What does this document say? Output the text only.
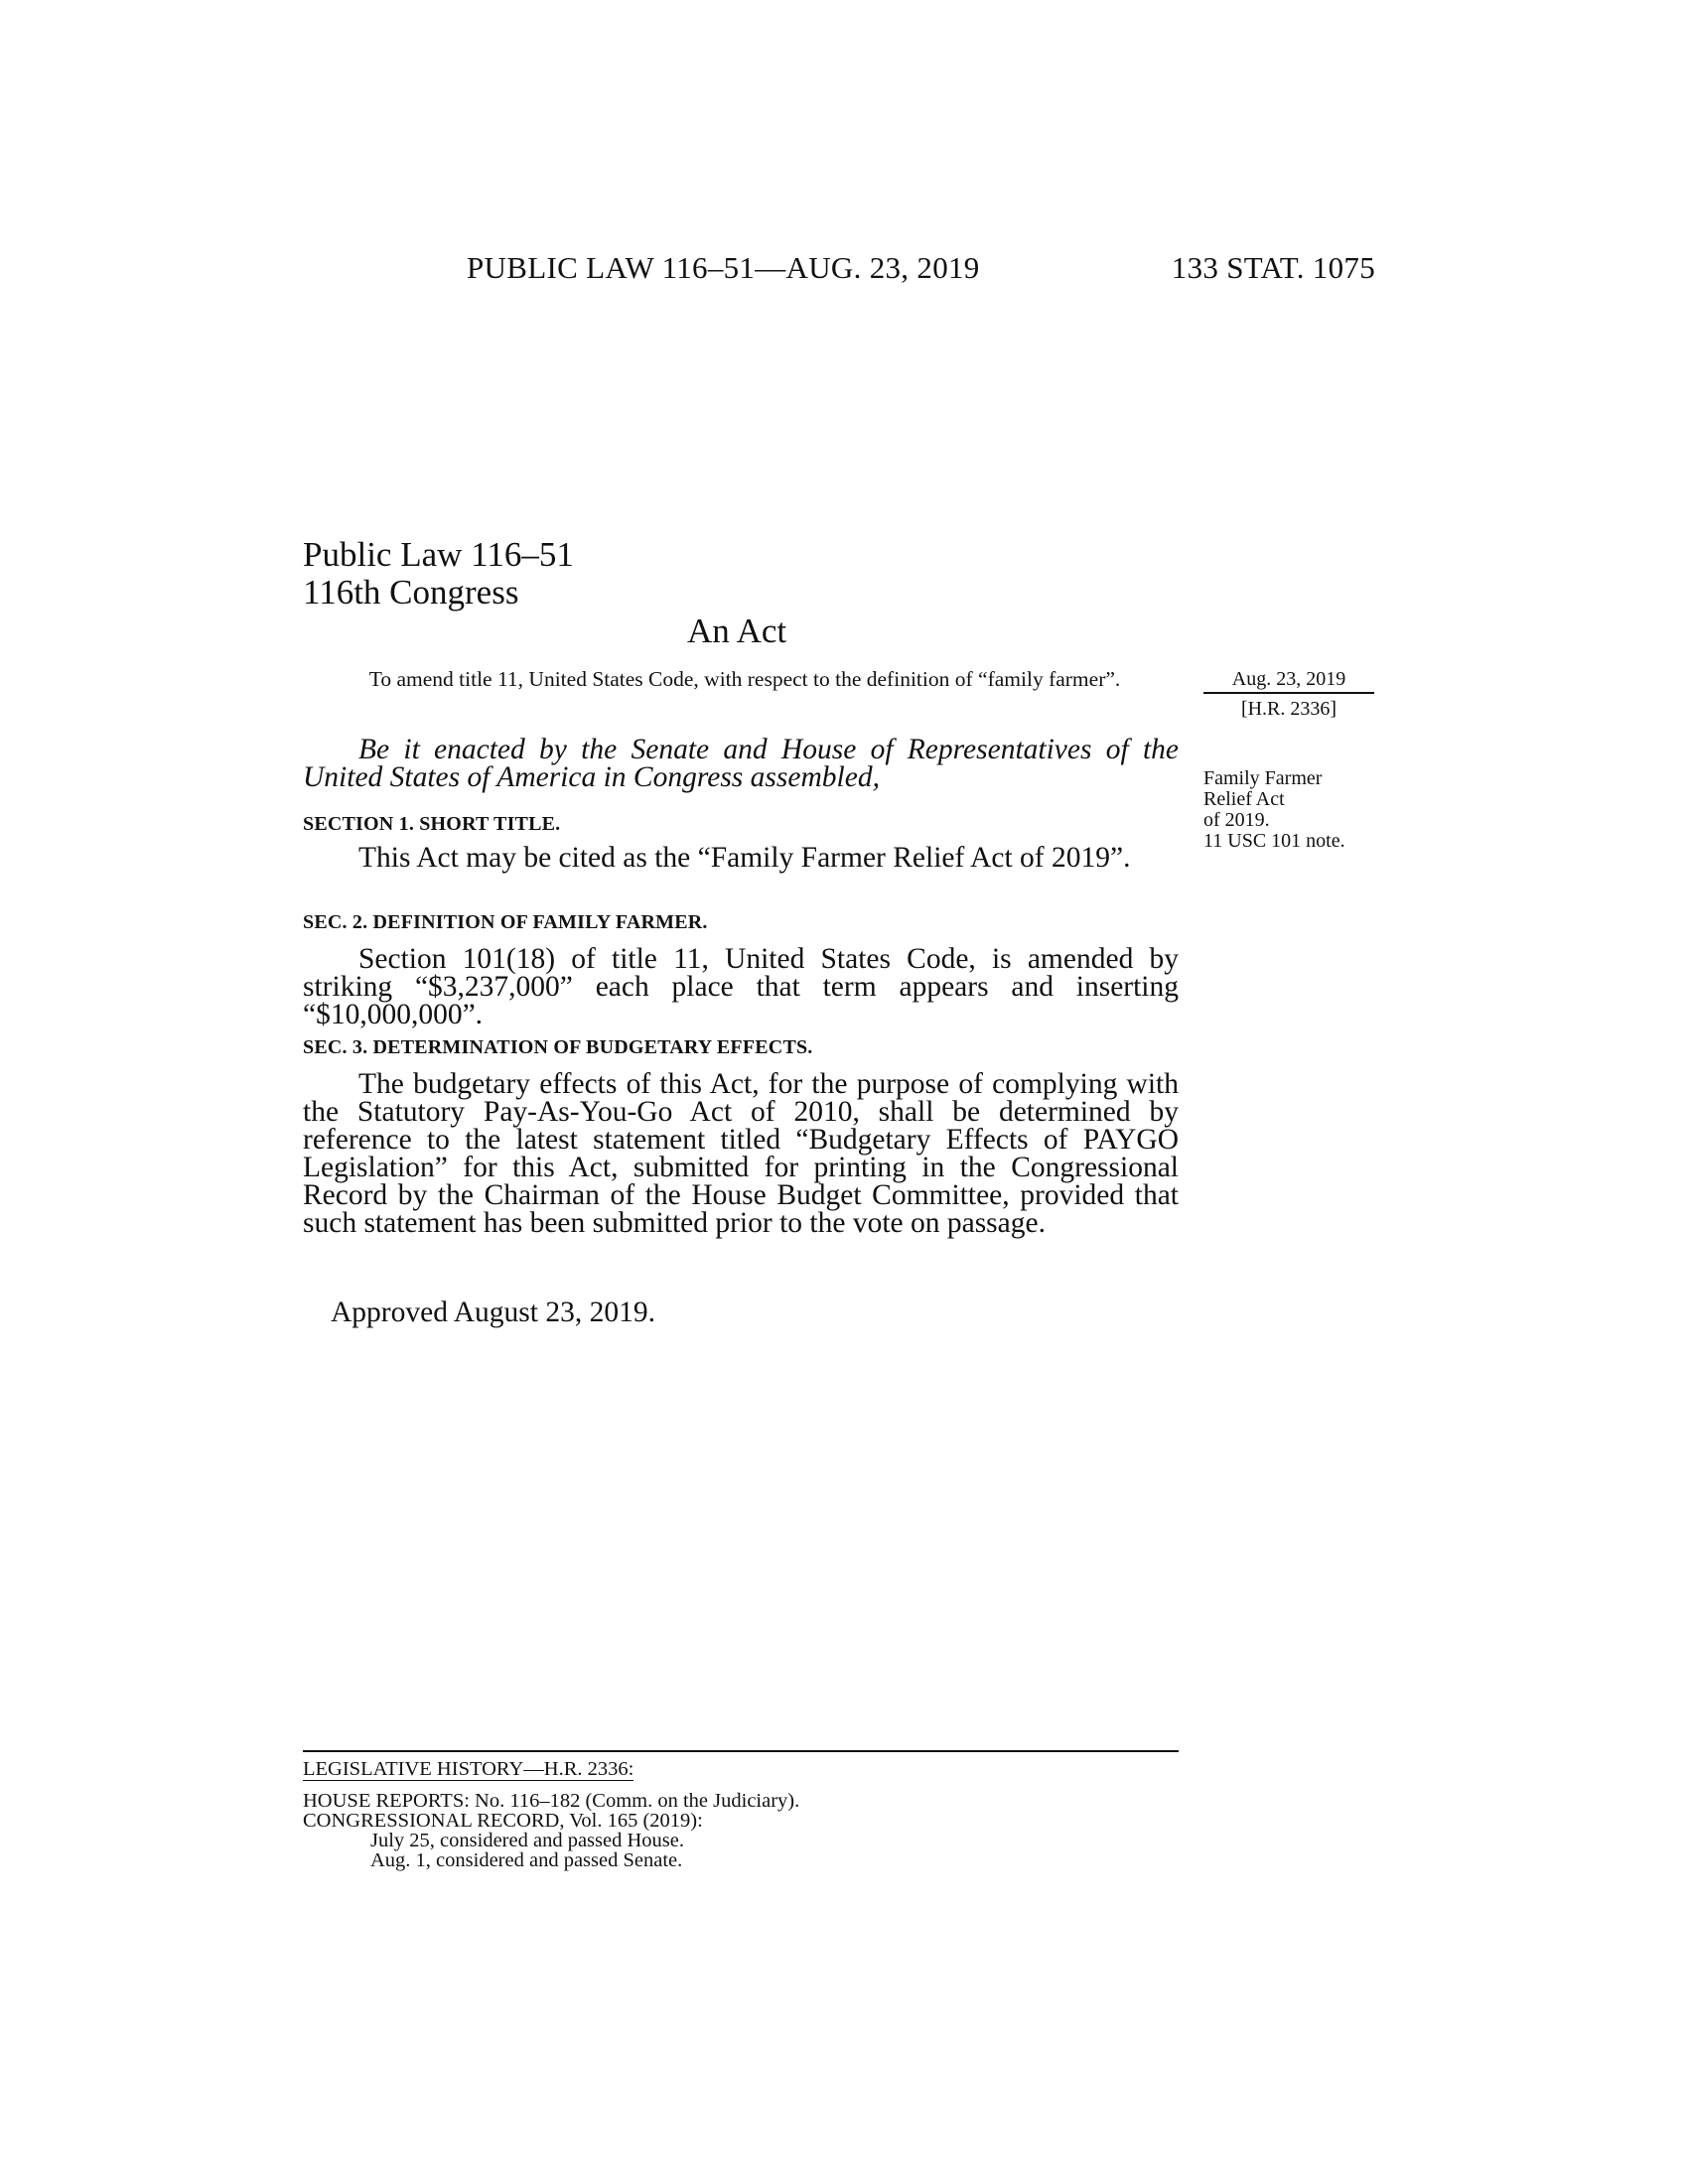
PUBLIC LAW 116–51—AUG. 23, 2019	133 STAT. 1075
Public Law 116–51
116th Congress
An Act
To amend title 11, United States Code, with respect to the definition of “family farmer”.	Aug. 23, 2019
[H.R. 2336]
Family Farmer
Relief Act
of 2019.
11 USC 101 note.

Be it enacted by the Senate and House of Representatives of the United States of America in Congress assembled,

SECTION 1. SHORT TITLE.

This Act may be cited as the “Family Farmer Relief Act of 2019”.

SEC. 2. DEFINITION OF FAMILY FARMER.

Section 101(18) of title 11, United States Code, is amended by striking “$3,237,000” each place that term appears and inserting “$10,000,000”.

SEC. 3. DETERMINATION OF BUDGETARY EFFECTS.

The budgetary effects of this Act, for the purpose of complying with the Statutory Pay-As-You-Go Act of 2010, shall be determined by reference to the latest statement titled “Budgetary Effects of PAYGO Legislation” for this Act, submitted for printing in the Congressional Record by the Chairman of the House Budget Committee, provided that such statement has been submitted prior to the vote on passage.

Approved August 23, 2019.
LEGISLATIVE HISTORY—H.R. 2336:
HOUSE REPORTS: No. 116–182 (Comm. on the Judiciary).
CONGRESSIONAL RECORD, Vol. 165 (2019):
July 25, considered and passed House.
Aug. 1, considered and passed Senate.
